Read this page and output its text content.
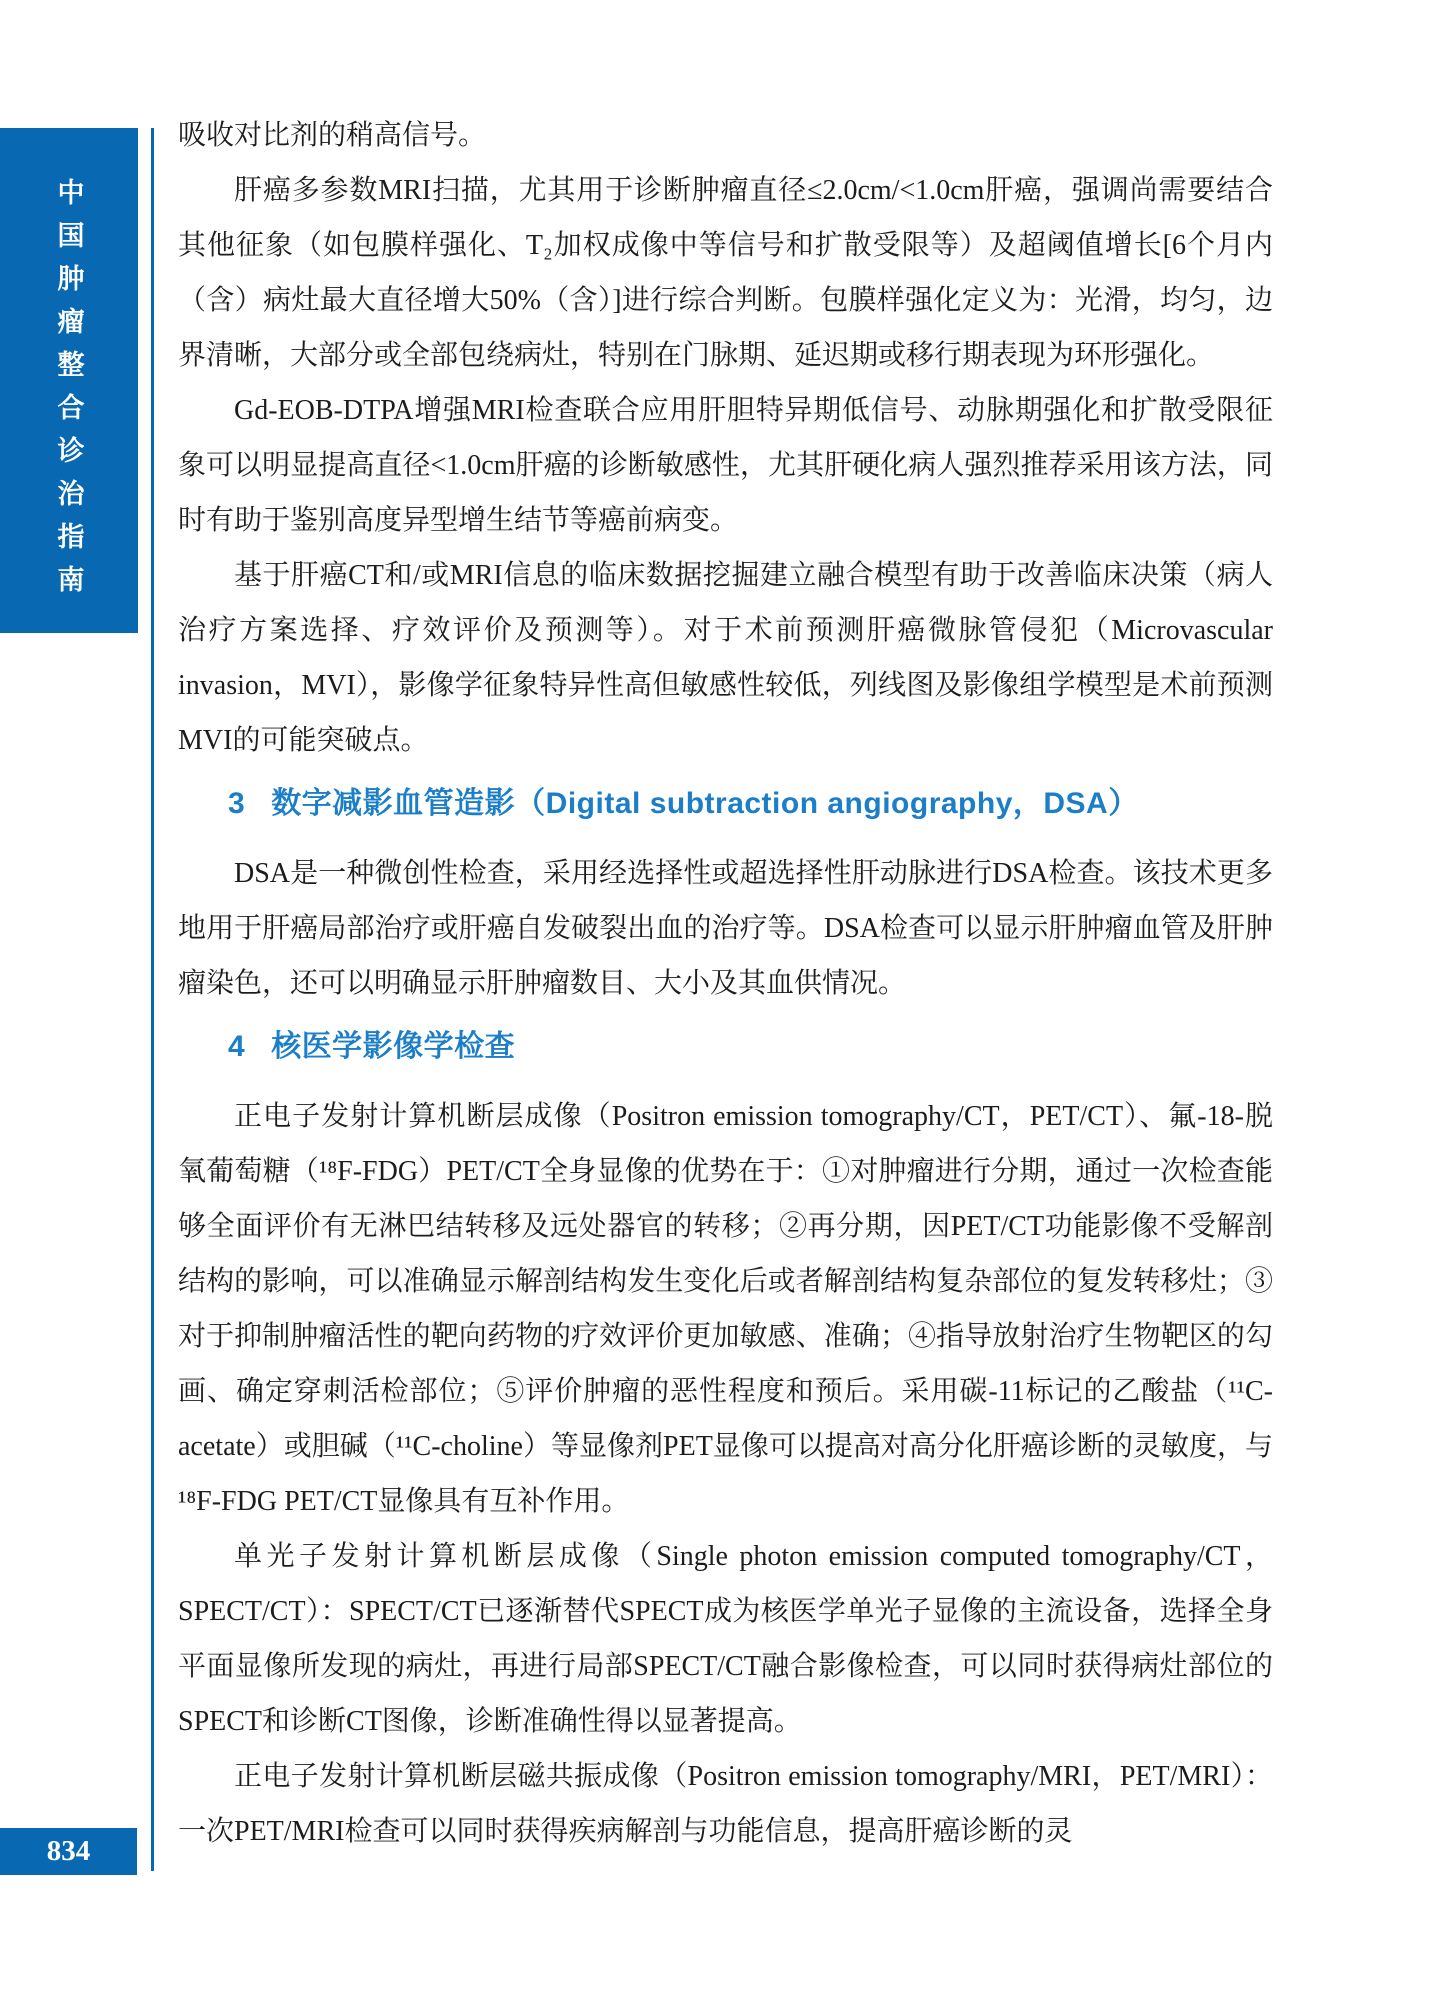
中国肿瘤整合诊治指南
834

吸收对比剂的稍高信号。

肝癌多参数MRI扫描，尤其用于诊断肿瘤直径≤2.0cm/<1.0cm肝癌，强调尚需要结合其他征象（如包膜样强化、T₂加权成像中等信号和扩散受限等）及超阈值增长[6个月内（含）病灶最大直径增大50%（含）]进行综合判断。包膜样强化定义为：光滑，均匀，边界清晰，大部分或全部包绕病灶，特别在门脉期、延迟期或移行期表现为环形强化。

Gd-EOB-DTPA增强MRI检查联合应用肝胆特异期低信号、动脉期强化和扩散受限征象可以明显提高直径<1.0cm肝癌的诊断敏感性，尤其肝硬化病人强烈推荐采用该方法，同时有助于鉴别高度异型增生结节等癌前病变。

基于肝癌CT和/或MRI信息的临床数据挖掘建立融合模型有助于改善临床决策（病人治疗方案选择、疗效评价及预测等）。对于术前预测肝癌微脉管侵犯（Microvascular invasion，MVI），影像学征象特异性高但敏感性较低，列线图及影像组学模型是术前预测MVI的可能突破点。

3 数字减影血管造影（Digital subtraction angiography，DSA）

DSA是一种微创性检查，采用经选择性或超选择性肝动脉进行DSA检查。该技术更多地用于肝癌局部治疗或肝癌自发破裂出血的治疗等。DSA检查可以显示肝肿瘤血管及肝肿瘤染色，还可以明确显示肝肿瘤数目、大小及其血供情况。

4 核医学影像学检查

正电子发射计算机断层成像（Positron emission tomography/CT，PET/CT）、氟-18-脱氧葡萄糖（¹⁸F-FDG）PET/CT全身显像的优势在于：①对肿瘤进行分期，通过一次检查能够全面评价有无淋巴结转移及远处器官的转移；②再分期，因PET/CT功能影像不受解剖结构的影响，可以准确显示解剖结构发生变化后或者解剖结构复杂部位的复发转移灶；③对于抑制肿瘤活性的靶向药物的疗效评价更加敏感、准确；④指导放射治疗生物靶区的勾画、确定穿刺活检部位；⑤评价肿瘤的恶性程度和预后。采用碳-11标记的乙酸盐（¹¹C-acetate）或胆碱（¹¹C-choline）等显像剂PET显像可以提高对高分化肝癌诊断的灵敏度，与¹⁸F-FDG PET/CT显像具有互补作用。

单光子发射计算机断层成像（Single photon emission computed tomography/CT，SPECT/CT）：SPECT/CT已逐渐替代SPECT成为核医学单光子显像的主流设备，选择全身平面显像所发现的病灶，再进行局部SPECT/CT融合影像检查，可以同时获得病灶部位的SPECT和诊断CT图像，诊断准确性得以显著提高。

正电子发射计算机断层磁共振成像（Positron emission tomography/MRI，PET/MRI）：一次PET/MRI检查可以同时获得疾病解剖与功能信息，提高肝癌诊断的灵
